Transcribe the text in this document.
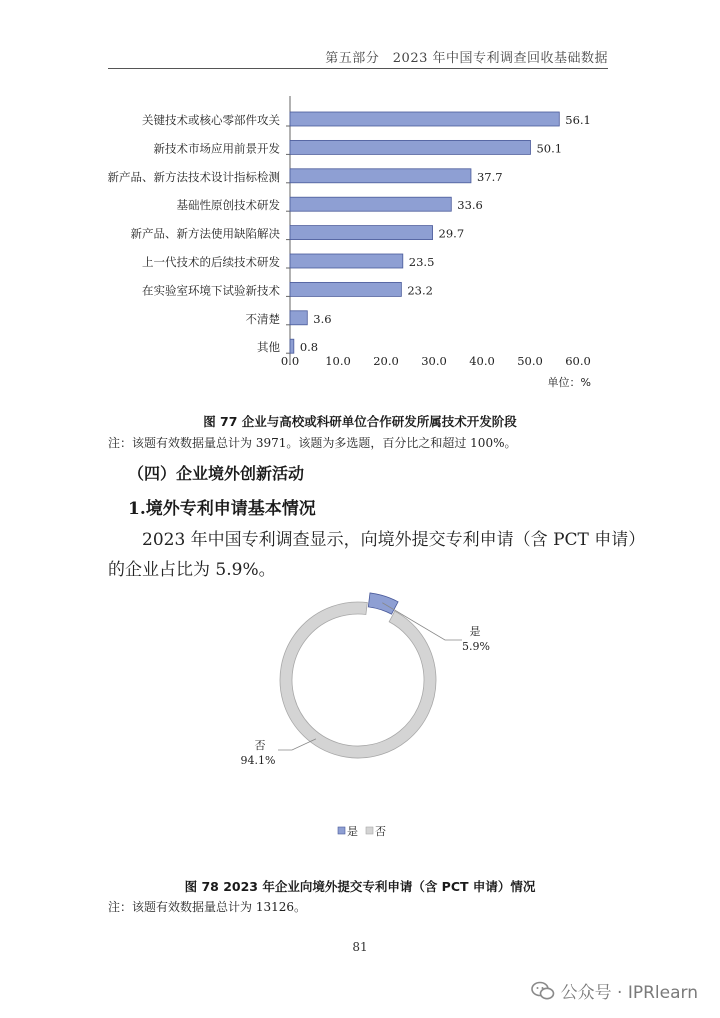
第五部分　2023 年中国专利调查回收基础数据
关键技术或核心零部件攻关	56.1
新技术市场应用前景开发	50.1
新产品、新方法技术设计指标检测	37.7
基础性原创技术研发	33.6
新产品、新方法使用缺陷解决	29.7
上一代技术的后续技术研发	23.5
在实验室环境下试验新技术	23.2
不清楚	3.6
其他 0.8
0.0 10.0 20.0 30.0 40.0 50.0 60.0
单位：%
图 77 企业与高校或科研单位合作研发所属技术开发阶段
注：该题有效数据量总计为 3971。该题为多选题，百分比之和超过 100%。
（四）企业境外创新活动
1.境外专利申请基本情况
2023 年中国专利调查显示，向境外提交专利申请（含 PCT 申请）
的企业占比为 5.9%。
是
5.9%
否
94.1%
是 否
图 78 2023 年企业向境外提交专利申请（含 PCT 申请）情况
注：该题有效数据量总计为 13126。
81
公众号 · IPRlearn
